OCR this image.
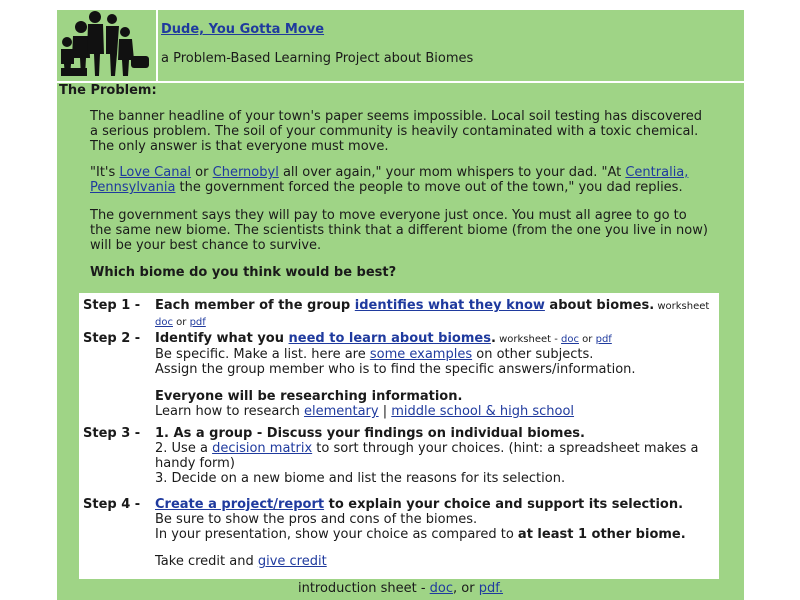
Dude, You Gotta Move
a Problem-Based Learning Project about Biomes
The Problem:
The banner headline of your town's paper seems impossible. Local soil testing has discovered a serious problem. The soil of your community is heavily contaminated with a toxic chemical. The only answer is that everyone must move.
"It's Love Canal or Chernobyl all over again," your mom whispers to your dad. "At Centralia, Pennsylvania the government forced the people to move out of the town," you dad replies.
The government says they will pay to move everyone just once. You must all agree to go to the same new biome. The scientists think that a different biome (from the one you live in now) will be your best chance to survive.
Which biome do you think would be best?
Step 1 - Each member of the group identifies what they know about biomes. worksheet
doc or pdf
Step 2 - Identify what you need to learn about biomes. worksheet - doc or pdf
Be specific. Make a list. here are some examples on other subjects.
Assign the group member who is to find the specific answers/information.
Everyone will be researching information.
Learn how to research elementary | middle school & high school
Step 3 - 1. As a group - Discuss your findings on individual biomes.
2. Use a decision matrix to sort through your choices. (hint: a spreadsheet makes a handy form)
3. Decide on a new biome and list the reasons for its selection.
Step 4 - Create a project/report to explain your choice and support its selection.
Be sure to show the pros and cons of the biomes.
In your presentation, show your choice as compared to at least 1 other biome.
Take credit and give credit
introduction sheet - doc, or pdf.
